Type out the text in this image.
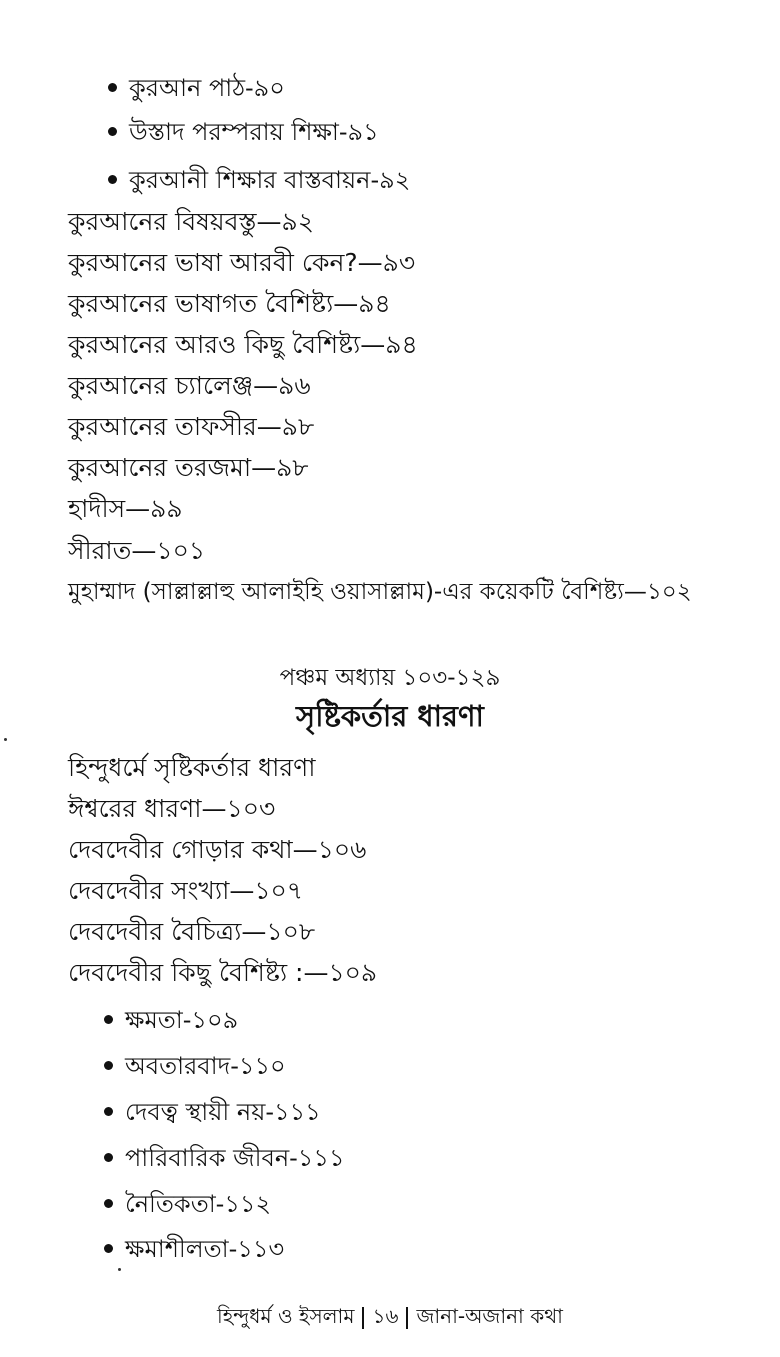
কুরআন পাঠ-৯০
উস্তাদ পরম্পরায় শিক্ষা-৯১
কুরআনী শিক্ষার বাস্তবায়ন-৯২
কুরআনের বিষয়বস্তু—৯২
কুরআনের ভাষা আরবী কেন?—৯৩
কুরআনের ভাষাগত বৈশিষ্ট্য—৯৪
কুরআনের আরও কিছু বৈশিষ্ট্য—৯৪
কুরআনের চ্যালেঞ্জ—৯৬
কুরআনের তাফসীর—৯৮
কুরআনের তরজমা—৯৮
হাদীস—৯৯
সীরাত—১০১
মুহাম্মাদ (সাল্লাল্লাহু আলাইহি ওয়াসাল্লাম)-এর কয়েকটি বৈশিষ্ট্য—১০২
পঞ্চম অধ্যায় ১০৩-১২৯
সৃষ্টিকর্তার ধারণা
হিন্দুধর্মে সৃষ্টিকর্তার ধারণা
ঈশ্বরের ধারণা—১০৩
দেবদেবীর গোড়ার কথা—১০৬
দেবদেবীর সংখ্যা—১০৭
দেবদেবীর বৈচিত্র্য—১০৮
দেবদেবীর কিছু বৈশিষ্ট্য :—১০৯
ক্ষমতা-১০৯
অবতারবাদ-১১০
দেবত্ব স্থায়ী নয়-১১১
পারিবারিক জীবন-১১১
নৈতিকতা-১১২
ক্ষমাশীলতা-১১৩
হিন্দুধর্ম ও ইসলাম ১৬ জানা-অজানা কথা
